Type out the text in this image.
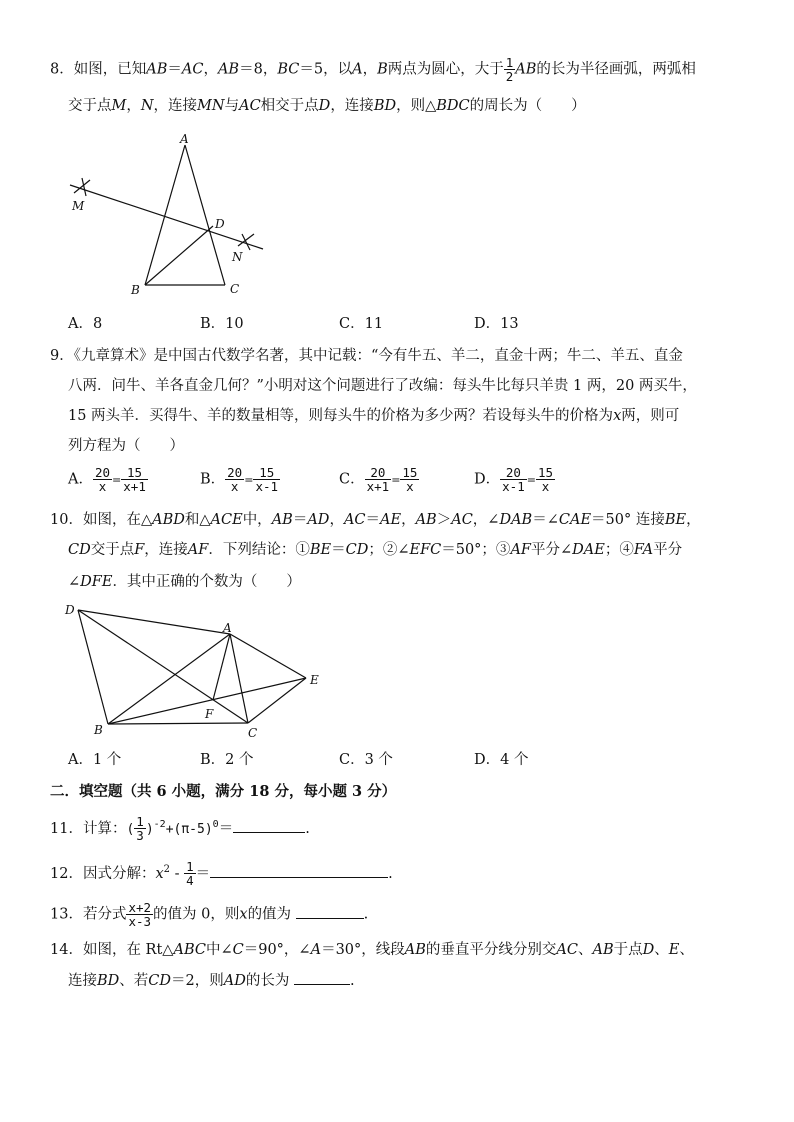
8．如图，已知AB＝AC，AB＝8，BC＝5，以A，B两点为圆心，大于 $\frac{1}{2}$ AB的长为半径画弧，两弧相
交于点M，N，连接MN与AC相交于点D，连接BD，则△BDC的周长为（　　）
A
B	C
D
M
N
A．8	B．10	C．11	D．13
9．《九章算术》是中国古代数学名著，其中记载：“今有牛五、羊二，直金十两；牛二、羊五、直金
八两．问牛、羊各直金几何？”小明对这个问题进行了改编：每头牛比每只羊贵 1 两，20 两买牛，
15 两头羊．买得牛、羊的数量相等，则每头牛的价格为多少两？若设每头牛的价格为x两，则可
列方程为（　　）
A． $\frac{20}{x} = \frac{15}{x+1}$	B． $\frac{20}{x} = \frac{15}{x-1}$	C． $\frac{20}{x+1} = \frac{15}{x}$	D． $\frac{20}{x-1} = \frac{15}{x}$
10．如图，在△ABD和△ACE中，AB＝AD，AC＝AE，AB＞AC，∠DAB＝∠CAE＝50° 连接BE，
CD交于点F，连接AF．下列结论：①BE＝CD；②∠EFC＝50°；③AF平分∠DAE；④FA平分
∠DFE．其中正确的个数为（　　）
D
A
E
B	C
F
A．1 个	B．2 个	C．3 个	D．4 个
二．填空题（共 6 小题，满分 18 分，每小题 3 分）
11．计算：( $\frac{1}{3} )^{-2}+(\pi-5)^0=$	.
12．因式分解：$x^2 - \frac{1}{4}$ ＝	.
13．若分式 $\frac{x+2}{x-3}$ 的值为 0，则x的值为	.
14．如图，在 Rt△ABC中∠C＝90°，∠A＝30°，线段AB的垂直平分线分别交AC、AB于点D、E、
连接BD、若CD＝2，则AD的长为	.
